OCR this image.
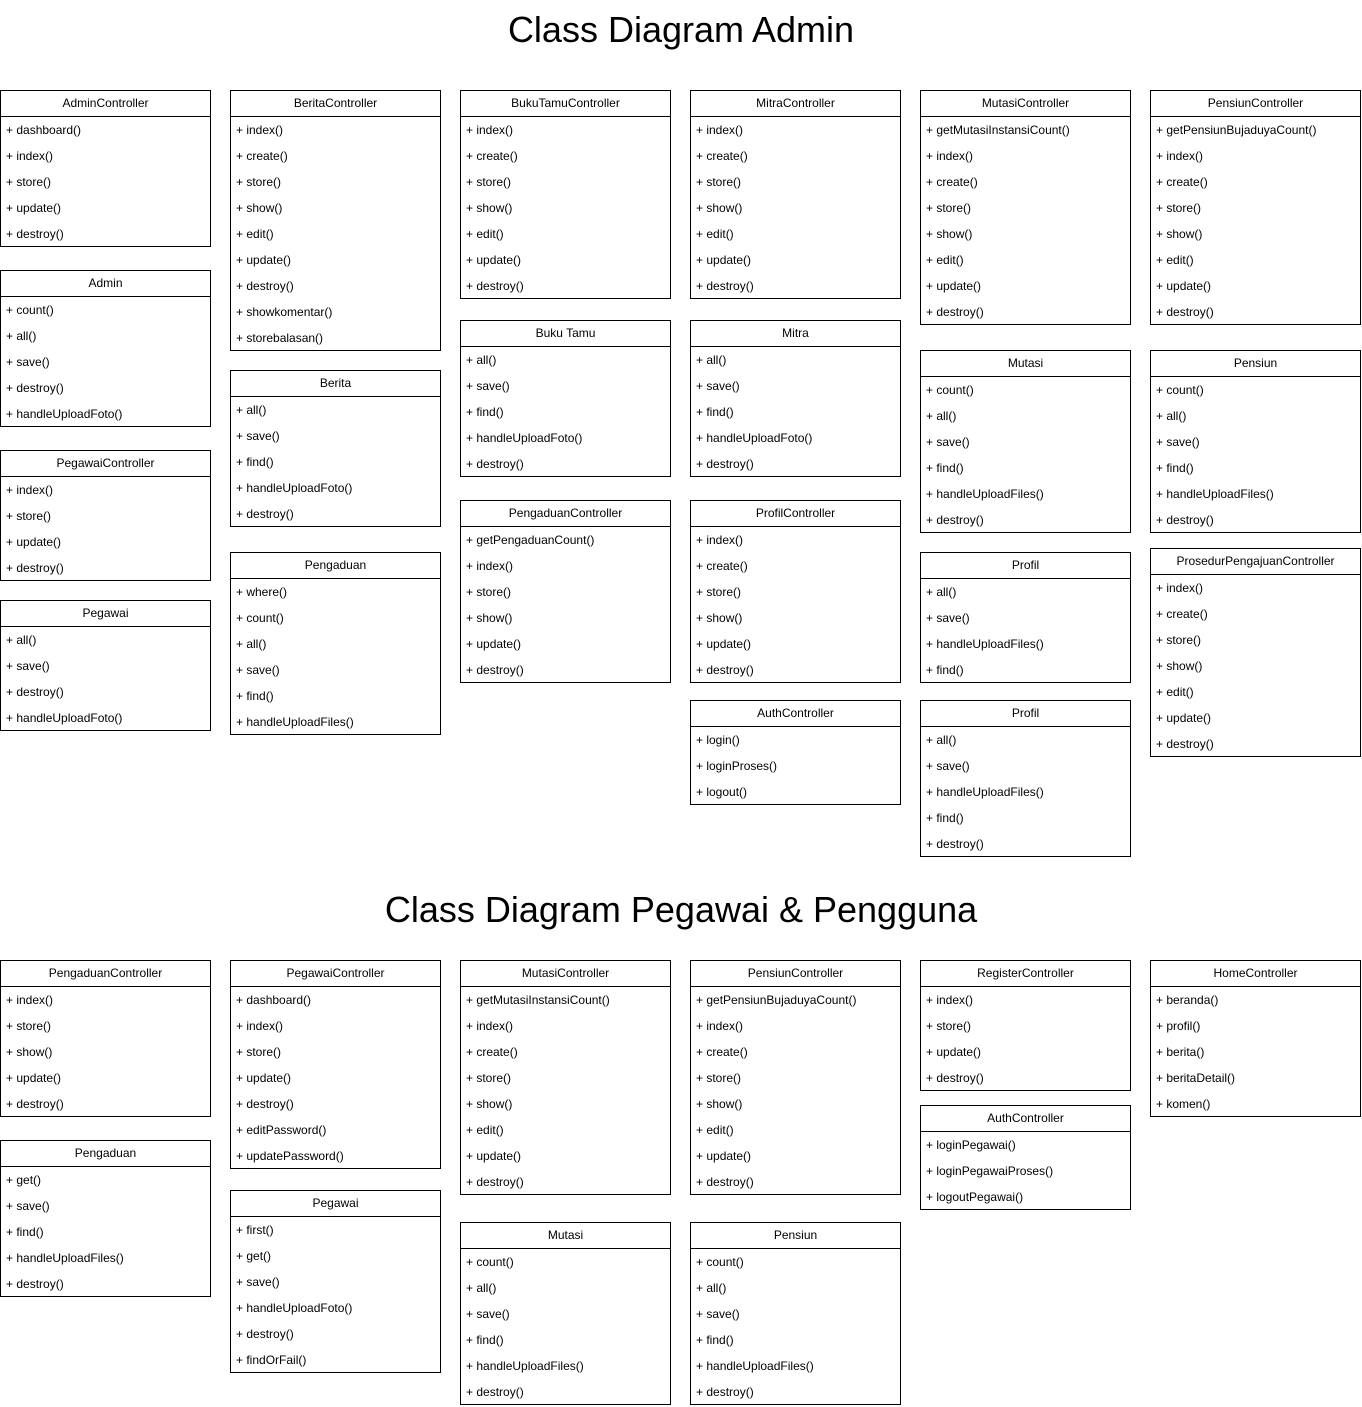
Class Diagram Admin
Class Diagram Pegawai & Pengguna
AdminController
+ dashboard()
+ index()
+ store()
+ update()
+ destroy()
Admin
+ count()
+ all()
+ save()
+ destroy()
+ handleUploadFoto()
PegawaiController
+ index()
+ store()
+ update()
+ destroy()
Pegawai
+ all()
+ save()
+ destroy()
+ handleUploadFoto()
BeritaController
+ index()
+ create()
+ store()
+ show()
+ edit()
+ update()
+ destroy()
+ showkomentar()
+ storebalasan()
Berita
+ all()
+ save()
+ find()
+ handleUploadFoto()
+ destroy()
Pengaduan
+ where()
+ count()
+ all()
+ save()
+ find()
+ handleUploadFiles()
BukuTamuController
+ index()
+ create()
+ store()
+ show()
+ edit()
+ update()
+ destroy()
Buku Tamu
+ all()
+ save()
+ find()
+ handleUploadFoto()
+ destroy()
PengaduanController
+ getPengaduanCount()
+ index()
+ store()
+ show()
+ update()
+ destroy()
MitraController
+ index()
+ create()
+ store()
+ show()
+ edit()
+ update()
+ destroy()
Mitra
+ all()
+ save()
+ find()
+ handleUploadFoto()
+ destroy()
ProfilController
+ index()
+ create()
+ store()
+ show()
+ update()
+ destroy()
AuthController
+ login()
+ loginProses()
+ logout()
MutasiController
+ getMutasiInstansiCount()
+ index()
+ create()
+ store()
+ show()
+ edit()
+ update()
+ destroy()
Mutasi
+ count()
+ all()
+ save()
+ find()
+ handleUploadFiles()
+ destroy()
Profil
+ all()
+ save()
+ handleUploadFiles()
+ find()
Profil
+ all()
+ save()
+ handleUploadFiles()
+ find()
+ destroy()
PensiunController
+ getPensiunBujaduyaCount()
+ index()
+ create()
+ store()
+ show()
+ edit()
+ update()
+ destroy()
Pensiun
+ count()
+ all()
+ save()
+ find()
+ handleUploadFiles()
+ destroy()
ProsedurPengajuanController
+ index()
+ create()
+ store()
+ show()
+ edit()
+ update()
+ destroy()
PengaduanController
+ index()
+ store()
+ show()
+ update()
+ destroy()
Pengaduan
+ get()
+ save()
+ find()
+ handleUploadFiles()
+ destroy()
PegawaiController
+ dashboard()
+ index()
+ store()
+ update()
+ destroy()
+ editPassword()
+ updatePassword()
Pegawai
+ first()
+ get()
+ save()
+ handleUploadFoto()
+ destroy()
+ findOrFail()
MutasiController
+ getMutasiInstansiCount()
+ index()
+ create()
+ store()
+ show()
+ edit()
+ update()
+ destroy()
Mutasi
+ count()
+ all()
+ save()
+ find()
+ handleUploadFiles()
+ destroy()
PensiunController
+ getPensiunBujaduyaCount()
+ index()
+ create()
+ store()
+ show()
+ edit()
+ update()
+ destroy()
Pensiun
+ count()
+ all()
+ save()
+ find()
+ handleUploadFiles()
+ destroy()
RegisterController
+ index()
+ store()
+ update()
+ destroy()
AuthController
+ loginPegawai()
+ loginPegawaiProses()
+ logoutPegawai()
HomeController
+ beranda()
+ profil()
+ berita()
+ beritaDetail()
+ komen()
